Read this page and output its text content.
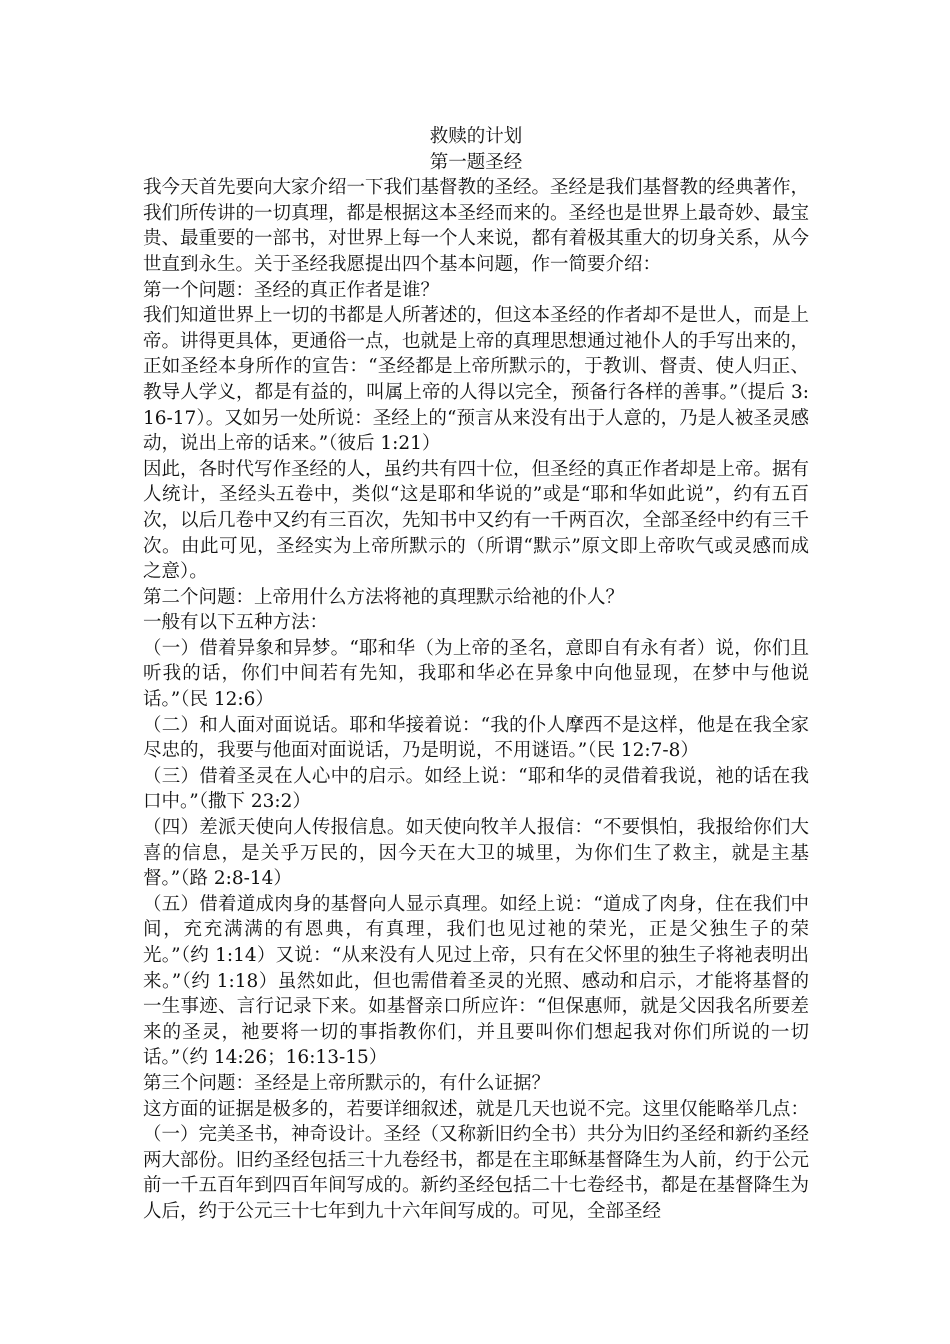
救赎的计划

第一题圣经

我今天首先要向大家介绍一下我们基督教的圣经。圣经是我们基督教的经典著作，我们所传讲的一切真理，都是根据这本圣经而来的。圣经也是世界上最奇妙、最宝贵、最重要的一部书，对世界上每一个人来说，都有着极其重大的切身关系，从今世直到永生。关于圣经我愿提出四个基本问题，作一简要介绍：

第一个问题：圣经的真正作者是谁？

我们知道世界上一切的书都是人所著述的，但这本圣经的作者却不是世人，而是上帝。讲得更具体，更通俗一点，也就是上帝的真理思想通过祂仆人的手写出来的，正如圣经本身所作的宣告：“圣经都是上帝所默示的，于教训、督责、使人归正、教导人学义，都是有益的，叫属上帝的人得以完全，预备行各样的善事。”（提后 3:16-17）。又如另一处所说：圣经上的“预言从来没有出于人意的，乃是人被圣灵感动，说出上帝的话来。”（彼后 1:21）

因此，各时代写作圣经的人，虽约共有四十位，但圣经的真正作者却是上帝。据有人统计，圣经头五卷中，类似“这是耶和华说的”或是“耶和华如此说”，约有五百次，以后几卷中又约有三百次，先知书中又约有一千两百次，全部圣经中约有三千次。由此可见，圣经实为上帝所默示的（所谓“默示”原文即上帝吹气或灵感而成之意）。

第二个问题：上帝用什么方法将祂的真理默示给祂的仆人？

一般有以下五种方法：

（一）借着异象和异梦。“耶和华（为上帝的圣名，意即自有永有者）说，你们且听我的话，你们中间若有先知，我耶和华必在异象中向他显现，在梦中与他说话。”（民 12:6）

（二）和人面对面说话。耶和华接着说：“我的仆人摩西不是这样，他是在我全家尽忠的，我要与他面对面说话，乃是明说，不用谜语。”（民 12:7-8）

（三）借着圣灵在人心中的启示。如经上说：“耶和华的灵借着我说，祂的话在我口中。”（撒下 23:2）

（四）差派天使向人传报信息。如天使向牧羊人报信：“不要惧怕，我报给你们大喜的信息，是关乎万民的，因今天在大卫的城里，为你们生了救主，就是主基督。”（路 2:8-14）

（五）借着道成肉身的基督向人显示真理。如经上说：“道成了肉身，住在我们中间，充充满满的有恩典，有真理，我们也见过祂的荣光，正是父独生子的荣光。”（约 1:14）又说：“从来没有人见过上帝，只有在父怀里的独生子将祂表明出来。”（约 1:18）虽然如此，但也需借着圣灵的光照、感动和启示，才能将基督的一生事迹、言行记录下来。如基督亲口所应许：“但保惠师，就是父因我名所要差来的圣灵，祂要将一切的事指教你们，并且要叫你们想起我对你们所说的一切话。”（约 14:26；16:13-15）

第三个问题：圣经是上帝所默示的，有什么证据？

这方面的证据是极多的，若要详细叙述，就是几天也说不完。这里仅能略举几点：

（一）完美圣书，神奇设计。圣经（又称新旧约全书）共分为旧约圣经和新约圣经两大部份。旧约圣经包括三十九卷经书，都是在主耶稣基督降生为人前，约于公元前一千五百年到四百年间写成的。新约圣经包括二十七卷经书，都是在基督降生为人后，约于公元三十七年到九十六年间写成的。可见，全部圣经
